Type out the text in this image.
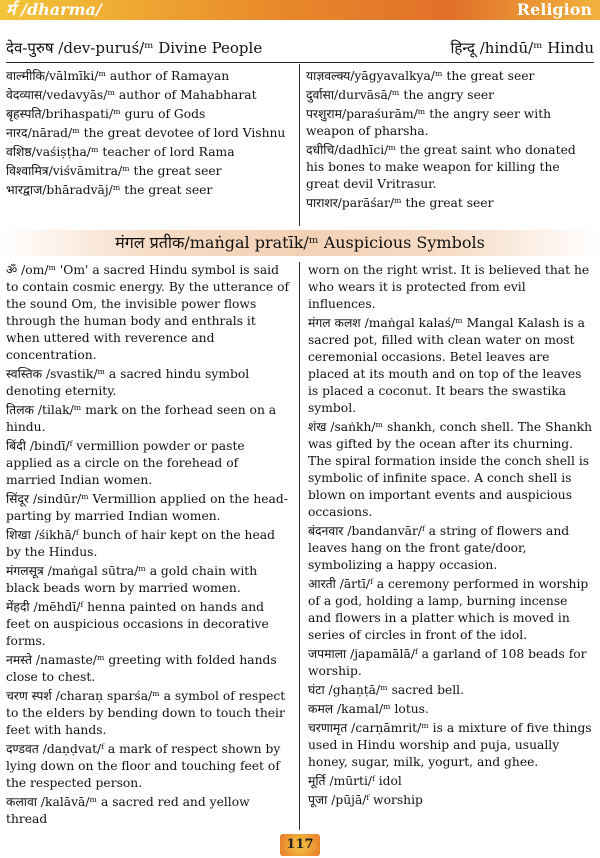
र्म /dharma/	Religion
देव-पुरुष /dev-puruś/ᵐ Divine People	हिन्दू /hindū/ᵐ Hindu

वाल्मीकि/vālmīki/ᵐ author of Ramayan

वेदव्यास/vedavyās/ᵐ author of Mahabharat

बृहस्पति/brihaspati/ᵐ guru of Gods

नारद/nārad/ᵐ the great devotee of lord Vishnu

वशिष्ठ/vaśiṣṭha/ᵐ teacher of lord Rama

विश्वामित्र/viśvāmitra/ᵐ the great seer

भारद्वाज/bhāradvāj/ᵐ the great seer

याज्ञवल्क्य/yāgyavalkya/ᵐ the great seer

दुर्वासा/durvāsā/ᵐ the angry seer

परशुराम/paraśurām/ᵐ the angry seer with weapon of pharsha.

दधीचि/dadhīci/ᵐ the great saint who donated his bones to make weapon for killing the great devil Vritrasur.

पाराशर/parāśar/ᵐ the great seer

मंगल प्रतीक/maṅgal pratīk/ᵐ Auspicious Symbols

ॐ /om/ᵐ 'Om' a sacred Hindu symbol is said to contain cosmic energy. By the utterance of the sound Om, the invisible power flows through the human body and enthrals it when uttered with reverence and concentration.

स्वस्तिक /svastik/ᵐ a sacred hindu symbol denoting eternity.

तिलक /tilak/ᵐ mark on the forhead seen on a hindu.

बिंदी /bindī/ᶠ vermillion powder or paste applied as a circle on the forehead of married Indian women.

सिंदूर /sindūr/ᵐ Vermillion applied on the head-parting by married Indian women.

शिखा /śikhā/ᶠ bunch of hair kept on the head by the Hindus.

मंगलसूत्र /maṅgal sūtra/ᵐ a gold chain with black beads worn by married women.

मेंहदी /mēhdī/ᶠ henna painted on hands and feet on auspicious occasions in decorative forms.

नमस्ते /namaste/ᵐ greeting with folded hands close to chest.

चरण स्पर्श /charaṇ sparśa/ᵐ a symbol of respect to the elders by bending down to touch their feet with hands.

दण्डवत /daṇḍvat/ᶠ a mark of respect shown by lying down on the floor and touching feet of the respected person.

कलावा /kalāvā/ᵐ a sacred red and yellow thread

worn on the right wrist. It is believed that he who wears it is protected from evil influences.

मंगल कलश /maṅgal kalaś/ᵐ Mangal Kalash is a sacred pot, filled with clean water on most ceremonial occasions. Betel leaves are placed at its mouth and on top of the leaves is placed a coconut. It bears the swastika symbol.

शंख /saṅkh/ᵐ shankh, conch shell. The Shankh was gifted by the ocean after its churning. The spiral formation inside the conch shell is symbolic of infinite space. A conch shell is blown on important events and auspicious occasions.

बंदनवार /bandanvār/ᶠ a string of flowers and leaves hang on the front gate/door, symbolizing a happy occasion.

आरती /ārtī/ᶠ a ceremony performed in worship of a god, holding a lamp, burning incense and flowers in a platter which is moved in series of circles in front of the idol.

जपमाला /japamālā/ᶠ a garland of 108 beads for worship.

घंटा /ghaṇṭā/ᵐ sacred bell.

कमल /kamal/ᵐ lotus.

चरणामृत /carṇāmrit/ᵐ is a mixture of five things used in Hindu worship and puja, usually honey, sugar, milk, yogurt, and ghee.

मूर्ति /mūrti/ᶠ idol

पूजा /pūjā/ᶠ worship

117
